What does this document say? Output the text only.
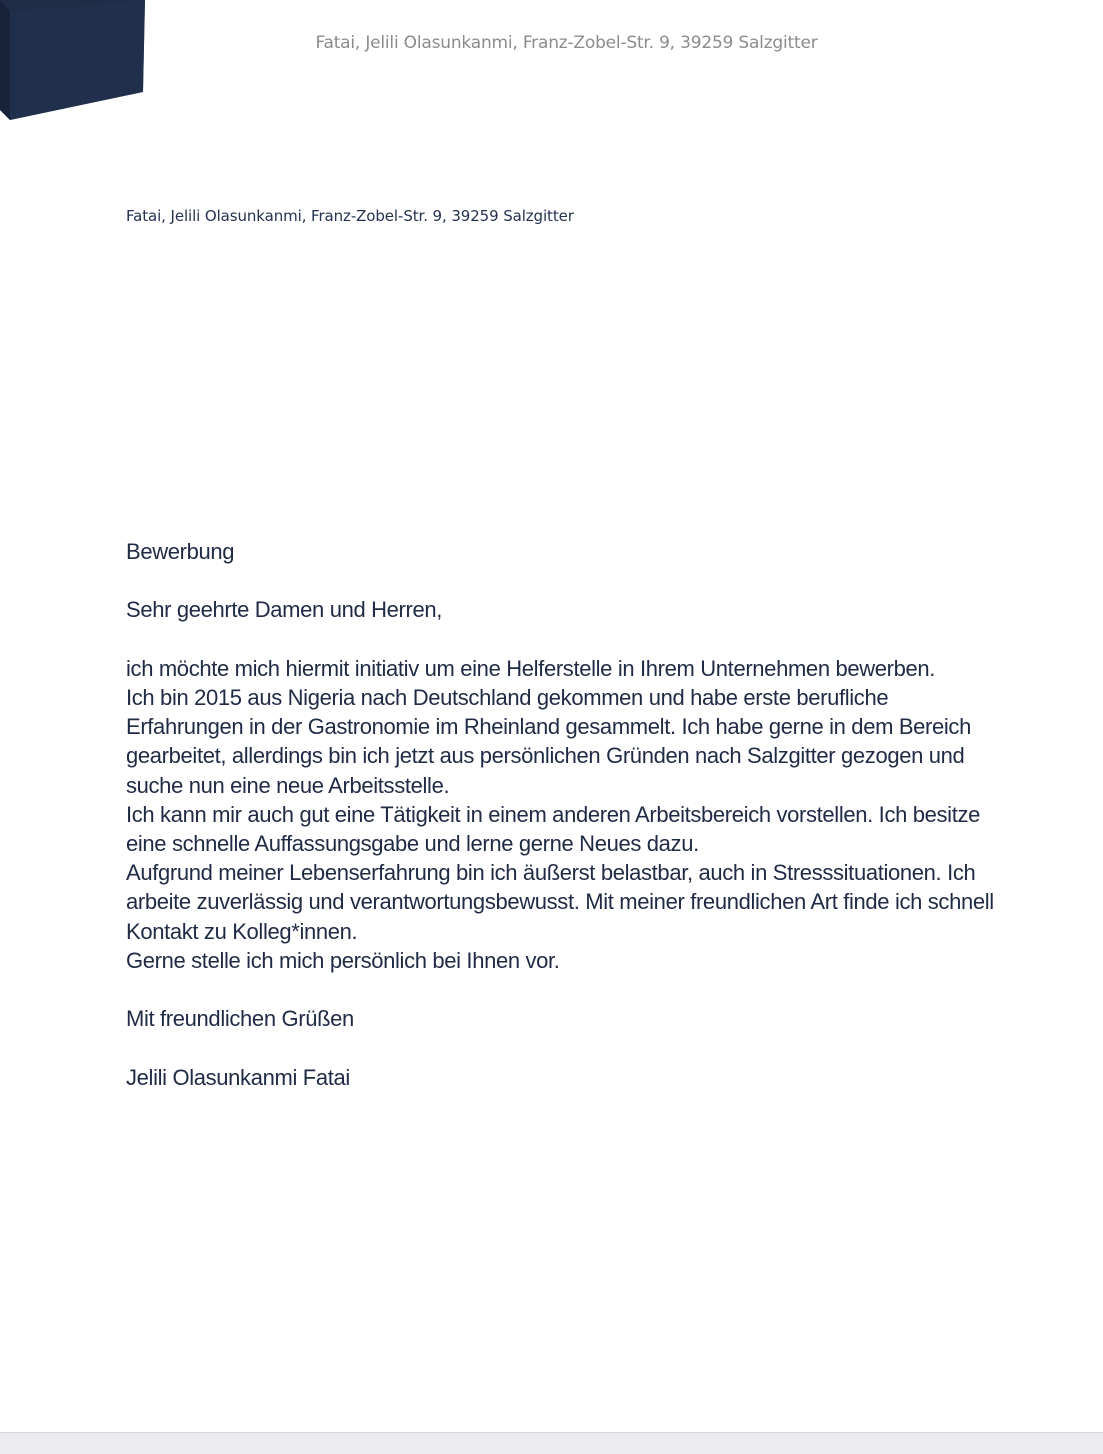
Fatai, Jelili Olasunkanmi, Franz-Zobel-Str. 9, 39259 Salzgitter
Fatai, Jelili Olasunkanmi, Franz-Zobel-Str. 9, 39259 Salzgitter
Bewerbung
Sehr geehrte Damen und Herren,
ich möchte mich hiermit initiativ um eine Helferstelle in Ihrem Unternehmen bewerben.
Ich bin 2015 aus Nigeria nach Deutschland gekommen und habe erste berufliche
Erfahrungen in der Gastronomie im Rheinland gesammelt. Ich habe gerne in dem Bereich
gearbeitet, allerdings bin ich jetzt aus persönlichen Gründen nach Salzgitter gezogen und
suche nun eine neue Arbeitsstelle.
Ich kann mir auch gut eine Tätigkeit in einem anderen Arbeitsbereich vorstellen. Ich besitze
eine schnelle Auffassungsgabe und lerne gerne Neues dazu.
Aufgrund meiner Lebenserfahrung bin ich äußerst belastbar, auch in Stresssituationen. Ich
arbeite zuverlässig und verantwortungsbewusst. Mit meiner freundlichen Art finde ich schnell
Kontakt zu Kolleg*innen.
Gerne stelle ich mich persönlich bei Ihnen vor.
Mit freundlichen Grüßen
Jelili Olasunkanmi Fatai
